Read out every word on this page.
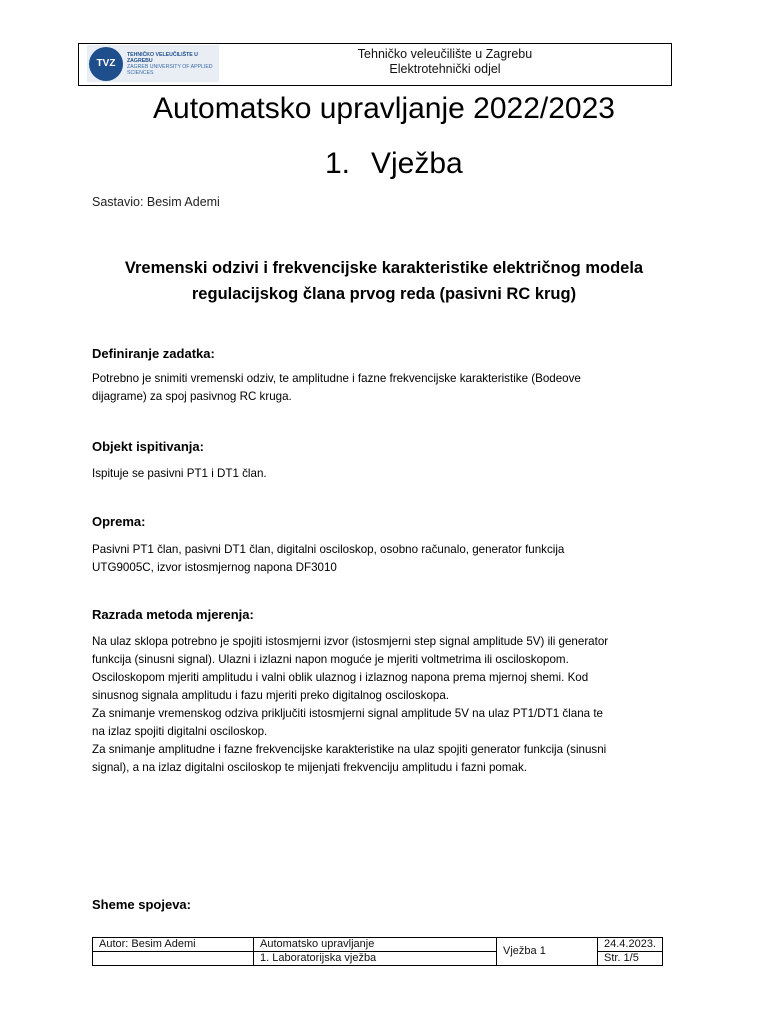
TVZ
TEHNIČKO VELEUČILIŠTE U ZAGREBU
ZAGREB UNIVERSITY OF APPLIED SCIENCES
Tehničko veleučilište u Zagrebu
Elektrotehnički odjel
Automatsko upravljanje 2022/2023
1. Vježba
Sastavio: Besim Ademi
Vremenski odzivi i frekvencijske karakteristike električnog modela
regulacijskog člana prvog reda (pasivni RC krug)
Definiranje zadatka:
Potrebno je snimiti vremenski odziv, te amplitudne i fazne frekvencijske karakteristike (Bodeove
dijagrame) za spoj pasivnog RC kruga.
Objekt ispitivanja:
Ispituje se pasivni PT1 i DT1 član.
Oprema:
Pasivni PT1 član, pasivni DT1 član, digitalni osciloskop, osobno računalo, generator funkcija
UTG9005C, izvor istosmjernog napona DF3010
Razrada metoda mjerenja:
Na ulaz sklopa potrebno je spojiti istosmjerni izvor (istosmjerni step signal amplitude 5V) ili generator
funkcija (sinusni signal). Ulazni i izlazni napon moguće je mjeriti voltmetrima ili osciloskopom.
Osciloskopom mjeriti amplitudu i valni oblik ulaznog i izlaznog napona prema mjernoj shemi. Kod
sinusnog signala amplitudu i fazu mjeriti preko digitalnog osciloskopa.
Za snimanje vremenskog odziva priključiti istosmjerni signal amplitude 5V na ulaz PT1/DT1 člana te
na izlaz spojiti digitalni osciloskop.
Za snimanje amplitudne i fazne frekvencijske karakteristike na ulaz spojiti generator funkcija (sinusni
signal), a na izlaz digitalni osciloskop te mijenjati frekvenciju amplitudu i fazni pomak.
Sheme spojeva:
Autor: Besim Ademi	Automatsko upravljanje	Vježba 1	24.4.2023.
	1. Laboratorijska vježba		Str. 1/5
